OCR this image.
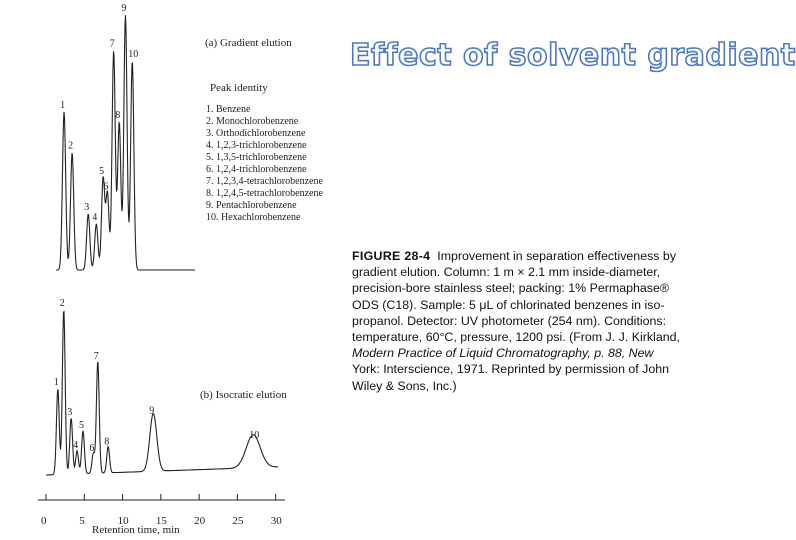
Effect of solvent gradient
1
2
3
4
5
6
7
8
9
10
1
2
3
4
5
6
7
8
9
10
(a) Gradient elution
(b) Isocratic elution
Retention time, min
0	5	10 15 20 25 30
Peak identity
1. Benzene
2. Monochlorobenzene
3. Orthodichlorobenzene
4. 1,2,3-trichlorobenzene
5. 1,3,5-trichlorobenzene
6. 1,2,4-trichlorobenzene
7. 1,2,3,4-tetrachlorobenzene
8. 1,2,4,5-tetrachlorobenzene
9. Pentachlorobenzene
10. Hexachlorobenzene
FIGURE 28-4 Improvement in separation effectiveness by
gradient elution. Column: 1 m × 2.1 mm inside-diameter,
precision-bore stainless steel; packing: 1% Permaphase®
ODS (C18). Sample: 5 μL of chlorinated benzenes in iso-
propanol. Detector: UV photometer (254 nm). Conditions:
temperature, 60°C, pressure, 1200 psi. (From J. J. Kirkland,
Modern Practice of Liquid Chromatography, p. 88, New
York: Interscience, 1971. Reprinted by permission of John
Wiley & Sons, Inc.)
